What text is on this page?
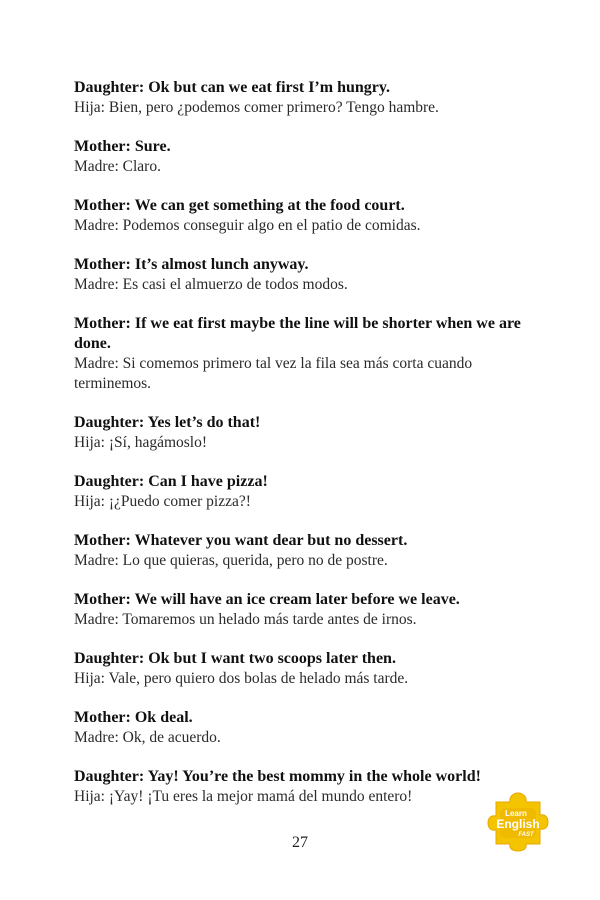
Daughter: Ok but can we eat first I’m hungry.
Hija: Bien, pero ¿podemos comer primero? Tengo hambre.
Mother: Sure.
Madre: Claro.
Mother: We can get something at the food court.
Madre: Podemos conseguir algo en el patio de comidas.
Mother: It’s almost lunch anyway.
Madre: Es casi el almuerzo de todos modos.
Mother: If we eat first maybe the line will be shorter when we are done.
Madre: Si comemos primero tal vez la fila sea más corta cuando terminemos.
Daughter: Yes let’s do that!
Hija: ¡Sí, hagámoslo!
Daughter: Can I have pizza!
Hija: ¡¿Puedo comer pizza?!
Mother: Whatever you want dear but no dessert.
Madre: Lo que quieras, querida, pero no de postre.
Mother: We will have an ice cream later before we leave.
Madre: Tomaremos un helado más tarde antes de irnos.
Daughter: Ok but I want two scoops later then.
Hija: Vale, pero quiero dos bolas de helado más tarde.
Mother: Ok deal.
Madre: Ok, de acuerdo.
Daughter: Yay! You’re the best mommy in the whole world!
Hija: ¡Yay! ¡Tu eres la mejor mamá del mundo entero!
27
Learn
English
FAST
